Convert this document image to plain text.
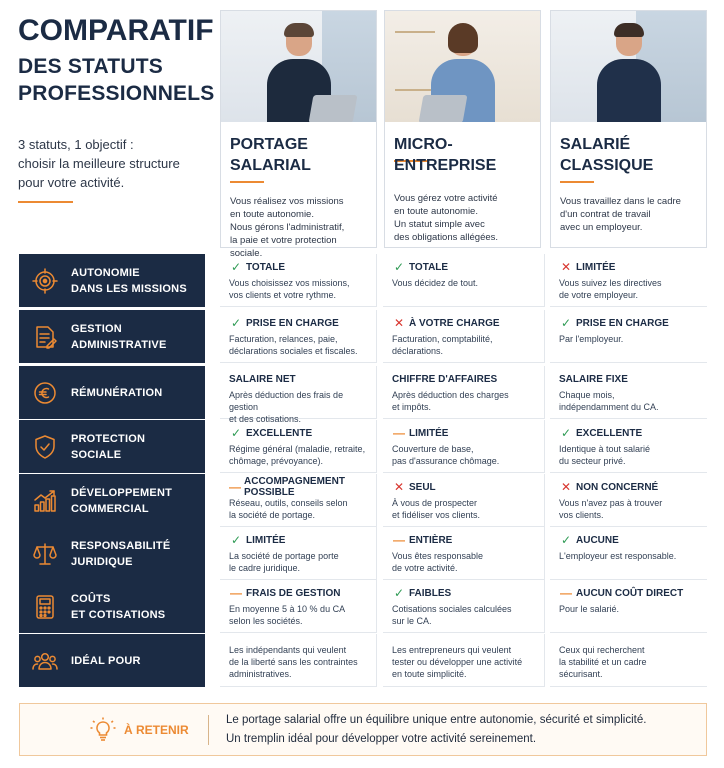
COMPARATIF
DES STATUTS
PROFESSIONNELS
3 statuts, 1 objectif :
choisir la meilleure structure
pour votre activité.
PORTAGE
SALARIAL
Vous réalisez vos missions
en toute autonomie.
Nous gérons l'administratif,
la paie et votre protection sociale.
MICRO-ENTREPRISE
Vous gérez votre activité
en toute autonomie.
Un statut simple avec
des obligations allégées.
SALARIÉ
CLASSIQUE
Vous travaillez dans le cadre
d'un contrat de travail
avec un employeur.
AUTONOMIE
DANS LES MISSIONS
✓ TOTALE
Vous choisissez vos missions,
vos clients et votre rythme.
✓ TOTALE
Vous décidez de tout.
✕ LIMITÉE
Vous suivez les directives
de votre employeur.
GESTION
ADMINISTRATIVE
✓ PRISE EN CHARGE
Facturation, relances, paie,
déclarations sociales et fiscales.
✕ À VOTRE CHARGE
Facturation, comptabilité,
déclarations.
✓ PRISE EN CHARGE
Par l'employeur.
RÉMUNÉRATION
SALAIRE NET
Après déduction des frais de gestion
et des cotisations.
CHIFFRE D'AFFAIRES
Après déduction des charges
et impôts.
SALAIRE FIXE
Chaque mois,
indépendamment du CA.
PROTECTION
SOCIALE
✓ EXCELLENTE
Régime général (maladie, retraite,
chômage, prévoyance).
— LIMITÉE
Couverture de base,
pas d'assurance chômage.
✓ EXCELLENTE
Identique à tout salarié
du secteur privé.
DÉVELOPPEMENT
COMMERCIAL
— ACCOMPAGNEMENT POSSIBLE
Réseau, outils, conseils selon
la société de portage.
✕ SEUL
À vous de prospecter
et fidéliser vos clients.
✕ NON CONCERNÉ
Vous n'avez pas à trouver
vos clients.
RESPONSABILITÉ
JURIDIQUE
✓ LIMITÉE
La société de portage porte
le cadre juridique.
— ENTIÈRE
Vous êtes responsable
de votre activité.
✓ AUCUNE
L'employeur est responsable.
COÛTS
ET COTISATIONS
— FRAIS DE GESTION
En moyenne 5 à 10 % du CA
selon les sociétés.
✓ FAIBLES
Cotisations sociales calculées
sur le CA.
— AUCUN COÛT DIRECT
Pour le salarié.
IDÉAL POUR
Les indépendants qui veulent
de la liberté sans les contraintes
administratives.
Les entrepreneurs qui veulent
tester ou développer une activité
en toute simplicité.
Ceux qui recherchent
la stabilité et un cadre
sécurisant.
À RETENIR
Le portage salarial offre un équilibre unique entre autonomie, sécurité et simplicité.
Un tremplin idéal pour développer votre activité sereinement.
